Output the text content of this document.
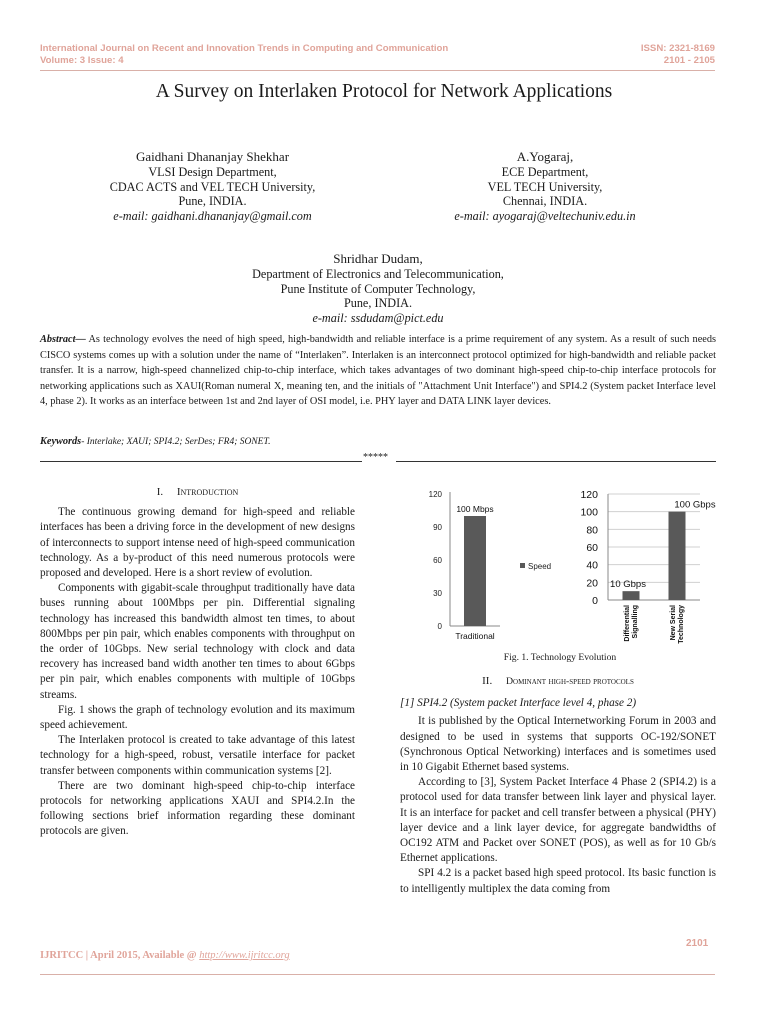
International Journal on Recent and Innovation Trends in Computing and Communication
Volume: 3 Issue: 4
ISSN: 2321-8169
2101 - 2105
A Survey on Interlaken Protocol for Network Applications
Gaidhani Dhananjay Shekhar
VLSI Design Department,
CDAC ACTS and VEL TECH University,
Pune, INDIA.
e-mail: gaidhani.dhananjay@gmail.com
A.Yogaraj,
ECE Department,
VEL TECH University,
Chennai, INDIA.
e-mail: ayogaraj@veltechuniv.edu.in
Shridhar Dudam,
Department of Electronics and Telecommunication,
Pune Institute of Computer Technology,
Pune, INDIA.
e-mail: ssdudam@pict.edu
Abstract— As technology evolves the need of high speed, high-bandwidth and reliable interface is a prime requirement of any system. As a result of such needs CISCO systems comes up with a solution under the name of “Interlaken”. Interlaken is an interconnect protocol optimized for high-bandwidth and reliable packet transfer. It is a narrow, high-speed channelized chip-to-chip interface, which takes advantages of two dominant high-speed chip-to-chip interface protocols for networking applications such as XAUI(Roman numeral X, meaning ten, and the initials of "Attachment Unit Interface") and SPI4.2 (System packet Interface level 4, phase 2). It works as an interface between 1st and 2nd layer of OSI model, i.e. PHY layer and DATA LINK layer devices.
Keywords- Interlake; XAUI; SPI4.2; SerDes; FR4; SONET.
*****
I. Introduction

The continuous growing demand for high-speed and reliable interfaces has been a driving force in the development of new designs of interconnects to support intense need of high-speed communication technology. As a by-product of this need numerous protocols were proposed and developed. Here is a short review of evolution.

Components with gigabit-scale throughput traditionally have data buses running about 100Mbps per pin. Differential signaling technology has increased this bandwidth almost ten times, to about 800Mbps per pin pair, which enables components with throughput on the order of 10Gbps. New serial technology with clock and data recovery has increased band width another ten times to about 6Gbps per pin pair, which enables components with multiple of 10Gbps streams.

Fig. 1 shows the graph of technology evolution and its maximum speed achievement.

The Interlaken protocol is created to take advantage of this latest technology for a high-speed, robust, versatile interface for packet transfer between components within communication systems [2].

There are two dominant high-speed chip-to-chip interface protocols for networking applications XAUI and SPI4.2.In the following sections brief information regarding these dominant protocols are given.

0
30
60
90
120
100 Mbps
Traditional
Speed
0
20
40
60
80
100
120
10 Gbps
DifferentialSignalling
100 Gbps
New SerialTechnology
Fig. 1. Technology Evolution
II. Dominant high-speed protocols
[1] SPI4.2 (System packet Interface level 4, phase 2)

It is published by the Optical Internetworking Forum in 2003 and designed to be used in systems that supports OC-192/SONET (Synchronous Optical Networking) interfaces and is sometimes used in 10 Gigabit Ethernet based systems.

According to [3], System Packet Interface 4 Phase 2 (SPI4.2) is a protocol used for data transfer between link layer and physical layer. It is an interface for packet and cell transfer between a physical (PHY) layer device and a link layer device, for aggregate bandwidths of OC192 ATM and Packet over SONET (POS), as well as for 10 Gb/s Ethernet applications.

SPI 4.2 is a packet based high speed protocol. Its basic function is to intelligently multiplex the data coming from

2101
IJRITCC | April 2015, Available @ http://www.ijritcc.org
